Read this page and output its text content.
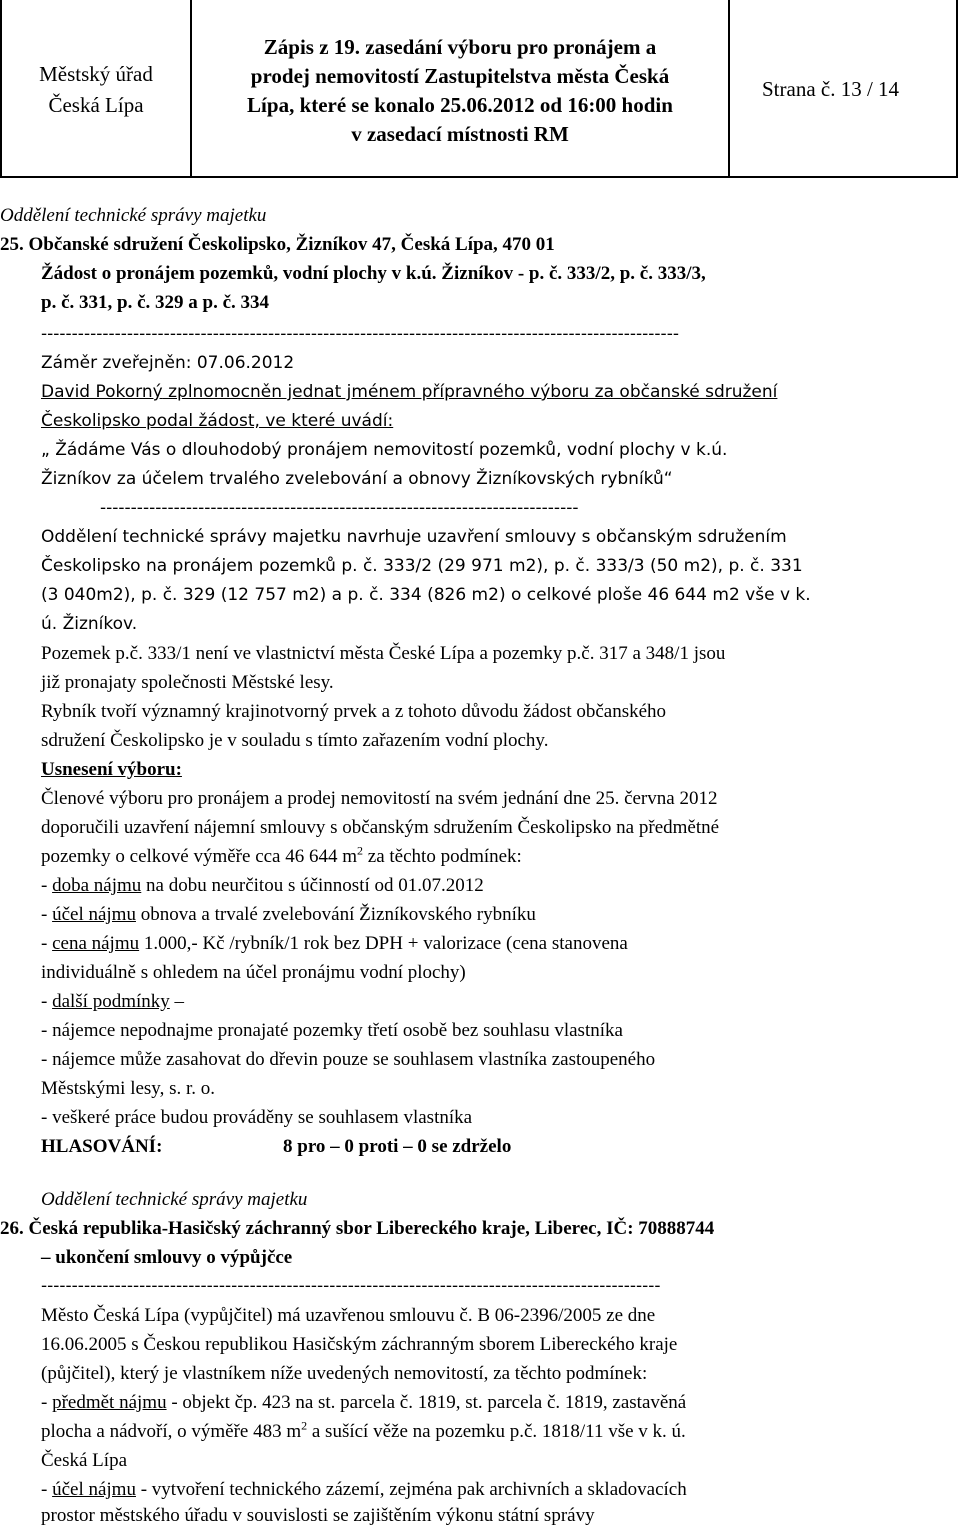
Městský úřad
Česká Lípa
Zápis z 19. zasedání výboru pro pronájem a
prodej nemovitostí Zastupitelstva města Česká
Lípa, které se konalo 25.06.2012 od 16:00 hodin
v zasedací místnosti RM
Strana č. 13 / 14
Oddělení technické správy majetku
25. Občanské sdružení Českolipsko, Žizníkov 47, Česká Lípa, 470 01
Žádost o pronájem pozemků, vodní plochy v k.ú. Žizníkov - p. č. 333/2, p. č. 333/3,
p. č. 331, p. č. 329 a p. č. 334
--------------------------------------------------------------------------------------------------------
Záměr zveřejněn: 07.06.2012
David Pokorný zplnomocněn jednat jménem přípravného výboru za občanské sdružení
Českolipsko podal žádost, ve které uvádí:
„ Žádáme Vás o dlouhodobý pronájem nemovitostí pozemků, vodní plochy v k.ú.
Žizníkov za účelem trvalého zvelebování a obnovy Žizníkovských rybníků“
------------------------------------------------------------------------------
Oddělení technické správy majetku navrhuje uzavření smlouvy s občanským sdružením
Českolipsko na pronájem pozemků p. č. 333/2 (29 971 m2), p. č. 333/3 (50 m2), p. č. 331
(3 040m2), p. č. 329 (12 757 m2) a p. č. 334 (826 m2) o celkové ploše 46 644 m2 vše v k.
ú. Žizníkov.
Pozemek p.č. 333/1 není ve vlastnictví města České Lípa a pozemky p.č. 317 a 348/1 jsou
již pronajaty společnosti Městské lesy.
Rybník tvoří významný krajinotvorný prvek a z tohoto důvodu žádost občanského
sdružení Českolipsko je v souladu s tímto zařazením vodní plochy.
Usnesení výboru:
Členové výboru pro pronájem a prodej nemovitostí na svém jednání dne 25. června 2012
doporučili uzavření nájemní smlouvy s občanským sdružením Českolipsko na předmětné
pozemky o celkové výměře cca 46 644 $m^2$ za těchto podmínek:
- doba nájmu na dobu neurčitou s účinností od 01.07.2012
- účel nájmu obnova a trvalé zvelebování Žizníkovského rybníku
- cena nájmu 1.000,- Kč /rybník/1 rok bez DPH + valorizace (cena stanovena
individuálně s ohledem na účel pronájmu vodní plochy)
- další podmínky –
- nájemce nepodnajme pronajaté pozemky třetí osobě bez souhlasu vlastníka
- nájemce může zasahovat do dřevin pouze se souhlasem vlastníka zastoupeného
Městskými lesy, s. r. o.
- veškeré práce budou prováděny se souhlasem vlastníka
HLASOVÁNÍ:	8 pro – 0 proti – 0 se zdrželo
Oddělení technické správy majetku
26. Česká republika-Hasičský záchranný sbor Libereckého kraje, Liberec, IČ: 70888744
– ukončení smlouvy o výpůjčce
-----------------------------------------------------------------------------------------------------
Město Česká Lípa (vypůjčitel) má uzavřenou smlouvu č. B 06-2396/2005 ze dne
16.06.2005 s Českou republikou Hasičským záchranným sborem Libereckého kraje
(půjčitel), který je vlastníkem níže uvedených nemovitostí, za těchto podmínek:
- předmět nájmu - objekt čp. 423 na st. parcela č. 1819, st. parcela č. 1819, zastavěná
plocha a nádvoří, o výměře 483 $m^2$ a sušící věže na pozemku p.č. 1818/11 vše v k. ú.
Česká Lípa
- účel nájmu - vytvoření technického zázemí, zejména pak archivních a skladovacích
prostor městského úřadu v souvislosti se zajištěním výkonu státní správy
